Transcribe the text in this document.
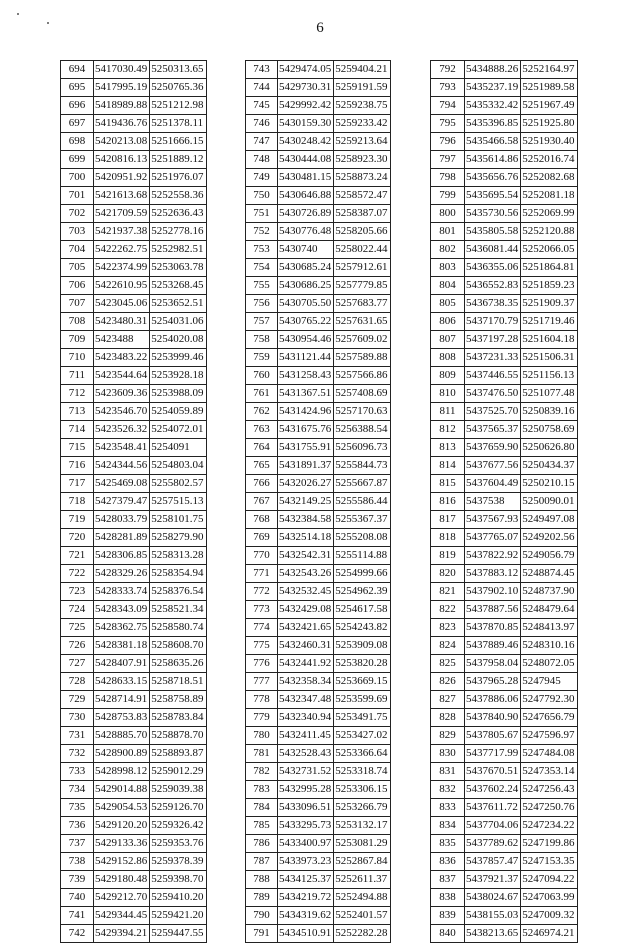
6
694	5417030.49	5250313.65
695	5417995.19	5250765.36
696	5418989.88	5251212.98
697	5419436.76	5251378.11
698	5420213.08	5251666.15
699	5420816.13	5251889.12
700	5420951.92	5251976.07
701	5421613.68	5252558.36
702	5421709.59	5252636.43
703	5421937.38	5252778.16
704	5422262.75	5252982.51
705	5422374.99	5253063.78
706	5422610.95	5253268.45
707	5423045.06	5253652.51
708	5423480.31	5254031.06
709	5423488	5254020.08
710	5423483.22	5253999.46
711	5423544.64	5253928.18
712	5423609.36	5253988.09
713	5423546.70	5254059.89
714	5423526.32	5254072.01
715	5423548.41	5254091
716	5424344.56	5254803.04
717	5425469.08	5255802.57
718	5427379.47	5257515.13
719	5428033.79	5258101.75
720	5428281.89	5258279.90
721	5428306.85	5258313.28
722	5428329.26	5258354.94
723	5428333.74	5258376.54
724	5428343.09	5258521.34
725	5428362.75	5258580.74
726	5428381.18	5258608.70
727	5428407.91	5258635.26
728	5428633.15	5258718.51
729	5428714.91	5258758.89
730	5428753.83	5258783.84
731	5428885.70	5258878.70
732	5428900.89	5258893.87
733	5428998.12	5259012.29
734	5429014.88	5259039.38
735	5429054.53	5259126.70
736	5429120.20	5259326.42
737	5429133.36	5259353.76
738	5429152.86	5259378.39
739	5429180.48	5259398.70
740	5429212.70	5259410.20
741	5429344.45	5259421.20
742	5429394.21	5259447.55
743	5429474.05	5259404.21
744	5429730.31	5259191.59
745	5429992.42	5259238.75
746	5430159.30	5259233.42
747	5430248.42	5259213.64
748	5430444.08	5258923.30
749	5430481.15	5258873.24
750	5430646.88	5258572.47
751	5430726.89	5258387.07
752	5430776.48	5258205.66
753	5430740	5258022.44
754	5430685.24	5257912.61
755	5430686.25	5257779.85
756	5430705.50	5257683.77
757	5430765.22	5257631.65
758	5430954.46	5257609.02
759	5431121.44	5257589.88
760	5431258.43	5257566.86
761	5431367.51	5257408.69
762	5431424.96	5257170.63
763	5431675.76	5256388.54
764	5431755.91	5256096.73
765	5431891.37	5255844.73
766	5432026.27	5255667.87
767	5432149.25	5255586.44
768	5432384.58	5255367.37
769	5432514.18	5255208.08
770	5432542.31	5255114.88
771	5432543.26	5254999.66
772	5432532.45	5254962.39
773	5432429.08	5254617.58
774	5432421.65	5254243.82
775	5432460.31	5253909.08
776	5432441.92	5253820.28
777	5432358.34	5253669.15
778	5432347.48	5253599.69
779	5432340.94	5253491.75
780	5432411.45	5253427.02
781	5432528.43	5253366.64
782	5432731.52	5253318.74
783	5432995.28	5253306.15
784	5433096.51	5253266.79
785	5433295.73	5253132.17
786	5433400.97	5253081.29
787	5433973.23	5252867.84
788	5434125.37	5252611.37
789	5434219.72	5252494.88
790	5434319.62	5252401.57
791	5434510.91	5252282.28
792	5434888.26	5252164.97
793	5435237.19	5251989.58
794	5435332.42	5251967.49
795	5435396.85	5251925.80
796	5435466.58	5251930.40
797	5435614.86	5252016.74
798	5435656.76	5252082.68
799	5435695.54	5252081.18
800	5435730.56	5252069.99
801	5435805.58	5252120.88
802	5436081.44	5252066.05
803	5436355.06	5251864.81
804	5436552.83	5251859.23
805	5436738.35	5251909.37
806	5437170.79	5251719.46
807	5437197.28	5251604.18
808	5437231.33	5251506.31
809	5437446.55	5251156.13
810	5437476.50	5251077.48
811	5437525.70	5250839.16
812	5437565.37	5250758.69
813	5437659.90	5250626.80
814	5437677.56	5250434.37
815	5437604.49	5250210.15
816	5437538	5250090.01
817	5437567.93	5249497.08
818	5437765.07	5249202.56
819	5437822.92	5249056.79
820	5437883.12	5248874.45
821	5437902.10	5248737.90
822	5437887.56	5248479.64
823	5437870.85	5248413.97
824	5437889.46	5248310.16
825	5437958.04	5248072.05
826	5437965.28	5247945
827	5437886.06	5247792.30
828	5437840.90	5247656.79
829	5437805.67	5247596.97
830	5437717.99	5247484.08
831	5437670.51	5247353.14
832	5437602.24	5247256.43
833	5437611.72	5247250.76
834	5437704.06	5247234.22
835	5437789.62	5247199.86
836	5437857.47	5247153.35
837	5437921.37	5247094.22
838	5438024.67	5247063.99
839	5438155.03	5247009.32
840	5438213.65	5246974.21
